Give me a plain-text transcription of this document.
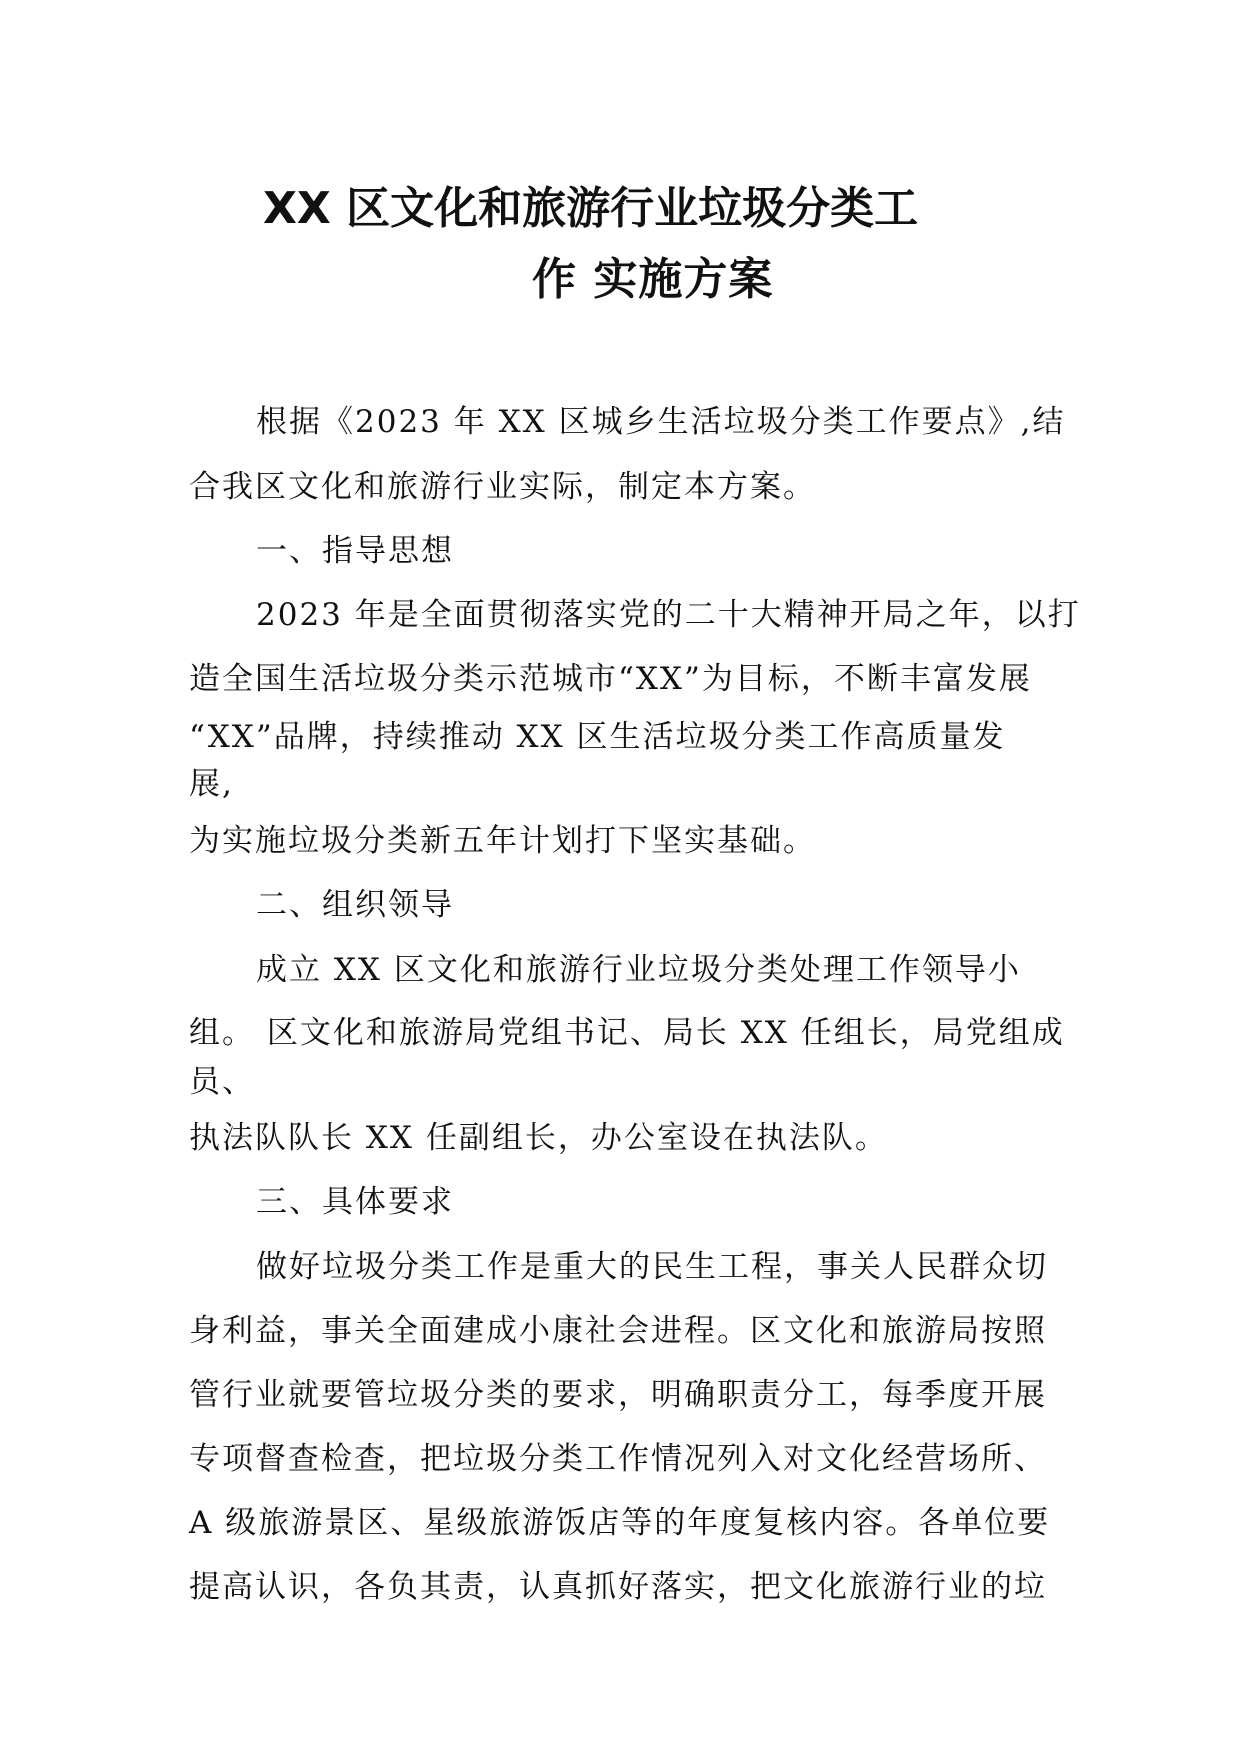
XX 区文化和旅游行业垃圾分类工
作 实施方案
根据《2023 年 XX 区城乡生活垃圾分类工作要点》,结
合我区文化和旅游行业实际，制定本方案。
一、指导思想
2023 年是全面贯彻落实党的二十大精神开局之年，以打
造全国生活垃圾分类示范城市“XX”为目标，不断丰富发展
“XX”品牌，持续推动 XX 区生活垃圾分类工作高质量发
展,
为实施垃圾分类新五年计划打下坚实基础。
二、组织领导
成立 XX 区文化和旅游行业垃圾分类处理工作领导小
组。 区文化和旅游局党组书记、局长 XX 任组长，局党组成
员、
执法队队长 XX 任副组长，办公室设在执法队。
三、具体要求
做好垃圾分类工作是重大的民生工程，事关人民群众切
身利益，事关全面建成小康社会进程。区文化和旅游局按照
管行业就要管垃圾分类的要求，明确职责分工，每季度开展
专项督查检查，把垃圾分类工作情况列入对文化经营场所、
A 级旅游景区、星级旅游饭店等的年度复核内容。各单位要
提高认识，各负其责，认真抓好落实，把文化旅游行业的垃
